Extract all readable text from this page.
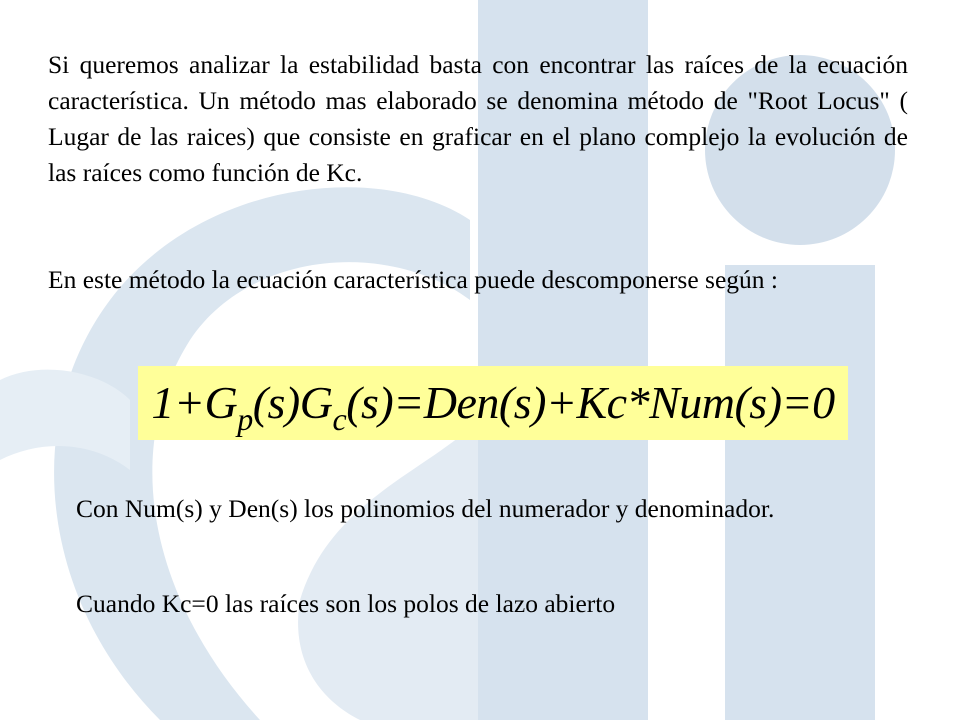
Si queremos analizar la estabilidad basta con encontrar las raíces de la ecuación característica. Un método mas elaborado se denomina método de "Root Locus" ( Lugar de las raices) que consiste en graficar en el plano complejo la evolución de las raíces como función de Kc.

En este método la ecuación característica puede descomponerse según :

$1+G_p(s)G_c(s)=Den(s)+Kc*Num(s)=0$

Con Num(s) y Den(s) los polinomios del numerador y denominador.

Cuando Kc=0 las raíces son los polos de lazo abierto
